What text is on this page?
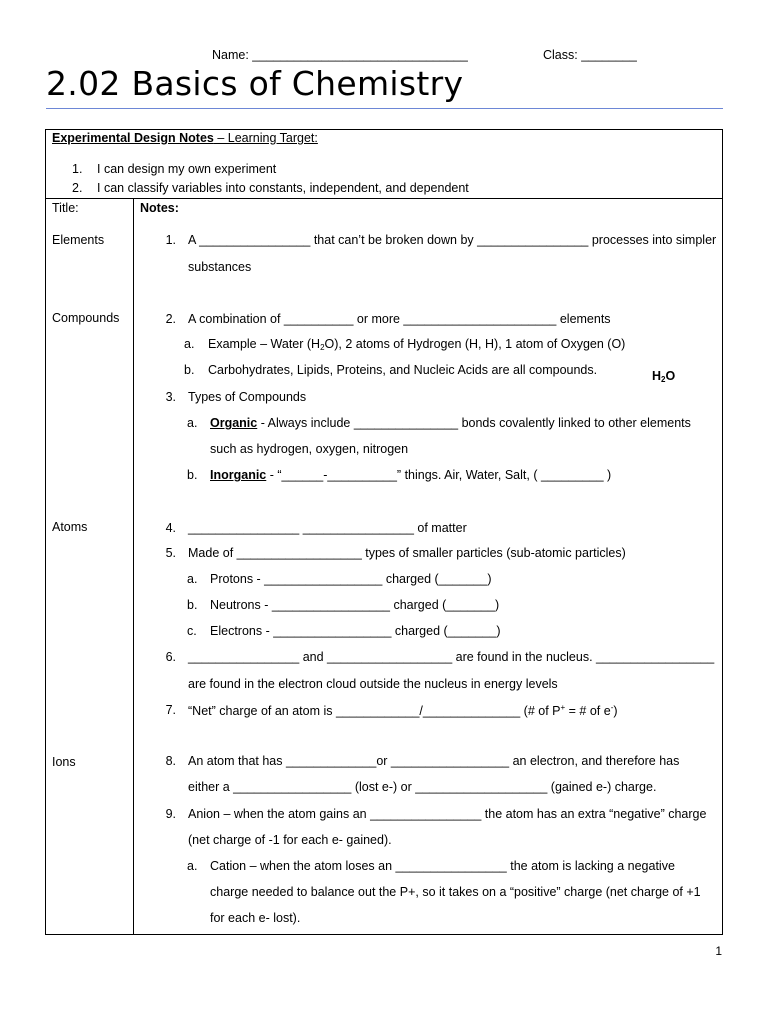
Name: _______________________________	Class: ________
2.02 Basics of Chemistry
Experimental Design Notes – Learning Target:
1. I can design my own experiment
2. I can classify variables into constants, independent, and dependent
Title:
Elements
Compounds
Atoms
Ions
Notes:
1. A ________________ that can’t be broken down by ________________ processes into simpler
substances
2. A combination of __________ or more ______________________ elements
a. Example – Water $(H_2O)$, 2 atoms of Hydrogen (H, H), 1 atom of Oxygen (O)
b. Carbohydrates, Lipids, Proteins, and Nucleic Acids are all compounds.	$H_2O$
3. Types of Compounds
a. Organic - Always include _______________ bonds covalently linked to other elements
such as hydrogen, oxygen, nitrogen
b. Inorganic - “______-__________” things. Air, Water, Salt, ( _________ )
4. ________________ ________________ of matter
5. Made of __________________ types of smaller particles (sub-atomic particles)
a. Protons - _________________ charged (_______)
b. Neutrons - _________________ charged (_______)
c. Electrons - _________________ charged (_______)
6. ________________ and __________________ are found in the nucleus. _________________
are found in the electron cloud outside the nucleus in energy levels
7. “Net” charge of an atom is ____________/______________ (# of P+ = # of e-)
8. An atom that has _____________or _________________ an electron, and therefore has
either a _________________ (lost e-) or ___________________ (gained e-) charge.
9. Anion – when the atom gains an ________________ the atom has an extra “negative” charge
(net charge of -1 for each e- gained).
a. Cation – when the atom loses an ________________ the atom is lacking a negative
charge needed to balance out the P+, so it takes on a “positive” charge (net charge of +1
for each e- lost).
1
